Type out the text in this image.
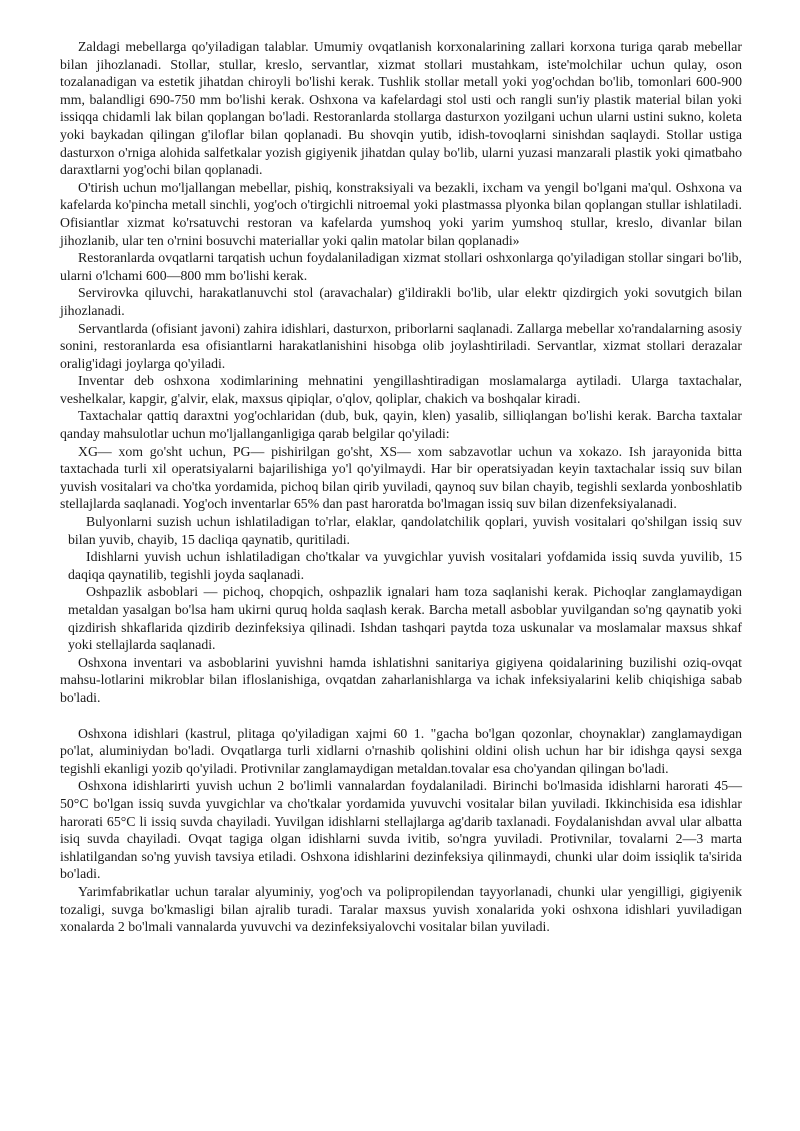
Zaldagi mebellarga qo'yiladigan talablar. Umumiy ovqatlanish korxonalarining zallari korxona turiga qarab mebellar bilan jihozlanadi. Stollar, stullar, kreslo, servantlar, xizmat stollari mustahkam, iste'molchilar uchun qulay, oson tozalanadigan va estetik jihatdan chiroyli bo'lishi kerak. Tushlik stollar metall yoki yog'ochdan bo'lib, tomonlari 600-900 mm, balandligi 690-750 mm bo'lishi kerak. Oshxona va kafelardagi stol usti och rangli sun'iy plastik material bilan yoki issiqqa chidamli lak bilan qoplangan bo'ladi. Restoranlarda stollarga dasturxon yozilgani uchun ularni ustini sukno, koleta yoki baykadan qilingan g'iloflar bilan qoplanadi. Bu shovqin yutib, idish-tovoqlarni sinishdan saqlaydi. Stollar ustiga dasturxon o'rniga alohida salfetkalar yozish gigiyenik jihatdan qulay bo'lib, ularni yuzasi manzarali plastik yoki qimatbaho daraxtlarni yog'ochi bilan qoplanadi.

O'tirish uchun mo'ljallangan mebellar, pishiq, konstraksiyali va bezakli, ixcham va yengil bo'lgani ma'qul. Oshxona va kafelarda ko'pincha metall sinchli, yog'och o'tirgichli nitroemal yoki plastmassa plyonka bilan qoplangan stullar ishlatiladi. Ofisiantlar xizmat ko'rsatuvchi restoran va kafelarda yumshoq yoki yarim yumshoq stullar, kreslo, divanlar bilan jihozlanib, ular ten o'rnini bosuvchi materiallar yoki qalin matolar bilan qoplanadi»

Restoranlarda ovqatlarni tarqatish uchun foydalaniladigan xizmat stollari oshxonlarga qo'yiladigan stollar singari bo'lib, ularni o'lchami 600—800 mm bo'lishi kerak.

Servirovka qiluvchi, harakatlanuvchi stol (aravachalar) g'ildirakli bo'lib, ular elektr qizdirgich yoki sovutgich bilan jihozlanadi.

Servantlarda (ofisiant javoni) zahira idishlari, dasturxon, priborlarni saqlanadi. Zallarga mebellar xo'randalarning asosiy sonini, restoranlarda esa ofisiantlarni harakatlanishini hisobga olib joylashtiriladi. Servantlar, xizmat stollari derazalar oralig'idagi joylarga qo'yiladi.

Inventar deb oshxona xodimlarining mehnatini yengillashtiradigan moslamalarga aytiladi. Ularga taxtachalar, veshelkalar, kapgir, g'alvir, elak, maxsus qipiqlar, o'qlov, qoliplar, chakich va boshqalar kiradi.

Taxtachalar qattiq daraxtni yog'ochlaridan (dub, buk, qayin, klen) yasalib, silliqlangan bo'lishi kerak. Barcha taxtalar qanday mahsulotlar uchun mo'ljallanganligiga qarab belgilar qo'yiladi:

XG— xom go'sht uchun, PG— pishirilgan go'sht, XS— xom sabzavotlar uchun va xokazo. Ish jarayonida bitta taxtachada turli xil operatsiyalarni bajarilishiga yo'l qo'yilmaydi. Har bir operatsiyadan keyin taxtachalar issiq suv bilan yuvish vositalari va cho'tka yordamida, pichoq bilan qirib yuviladi, qaynoq suv bilan chayib, tegishli sexlarda yonboshlatib stellajlarda saqlanadi. Yog'och inventarlar 65% dan past haroratda bo'lmagan issiq suv bilan dizenfeksiyalanadi.

Bulyonlarni suzish uchun ishlatiladigan to'rlar, elaklar, qandolatchilik qoplari, yuvish vositalari qo'shilgan issiq suv bilan yuvib, chayib, 15 dacliqa qaynatib, quritiladi.

Idishlarni yuvish uchun ishlatiladigan cho'tkalar va yuvgichlar yuvish vositalari yofdamida issiq suvda yuvilib, 15 daqiqa qaynatilib, tegishli joyda saqlanadi.

Oshpazlik asboblari — pichoq, chopqich, oshpazlik ignalari ham toza saqlanishi kerak. Pichoqlar zanglamaydigan metaldan yasalgan bo'lsa ham ukirni quruq holda saqlash kerak. Barcha metall asboblar yuvilgandan so'ng qaynatib yoki qizdirish shkaflarida qizdirib dezinfeksiya qilinadi. Ishdan tashqari paytda toza uskunalar va moslamalar maxsus shkaf yoki stellajlarda saqlanadi.

Oshxona inventari va asboblarini yuvishni hamda ishlatishni sanitariya gigiyena qoidalarining buzilishi oziq-ovqat mahsu-lotlarini mikroblar bilan ifloslanishiga, ovqatdan zaharlanishlarga va ichak infeksiyalarini kelib chiqishiga sabab bo'ladi.

Oshxona idishlari (kastrul, plitaga qo'yiladigan xajmi 60 1. "gacha bo'lgan qozonlar, choynaklar) zanglamaydigan po'lat, aluminiydan bo'ladi. Ovqatlarga turli xidlarni o'rnashib qolishini oldini olish uchun har bir idishga qaysi sexga tegishli ekanligi yozib qo'yiladi. Protivnilar zanglamaydigan metaldan.tovalar esa cho'yandan qilingan bo'ladi.

Oshxona idishlarirti yuvish uchun 2 bo'limli vannalardan foydalaniladi. Birinchi bo'lmasida idishlarni harorati 45—50°C bo'lgan issiq suvda yuvgichlar va cho'tkalar yordamida yuvuvchi vositalar bilan yuviladi. Ikkinchisida esa idishlar harorati 65°C li issiq suvda chayiladi. Yuvilgan idishlarni stellajlarga ag'darib taxlanadi. Foydalanishdan avval ular albatta isiq suvda chayiladi. Ovqat tagiga olgan idishlarni suvda ivitib, so'ngra yuviladi. Protivnilar, tovalarni 2—3 marta ishlatilgandan so'ng yuvish tavsiya etiladi. Oshxona idishlarini dezinfeksiya qilinmaydi, chunki ular doim issiqlik ta'sirida bo'ladi.

Yarimfabrikatlar uchun taralar alyuminiy, yog'och va polipropilendan tayyorlanadi, chunki ular yengilligi, gigiyenik tozaligi, suvga bo'kmasligi bilan ajralib turadi. Taralar maxsus yuvish xonalarida yoki oshxona idishlari yuviladigan xonalarda 2 bo'lmali vannalarda yuvuvchi va dezinfeksiyalovchi vositalar bilan yuviladi.
